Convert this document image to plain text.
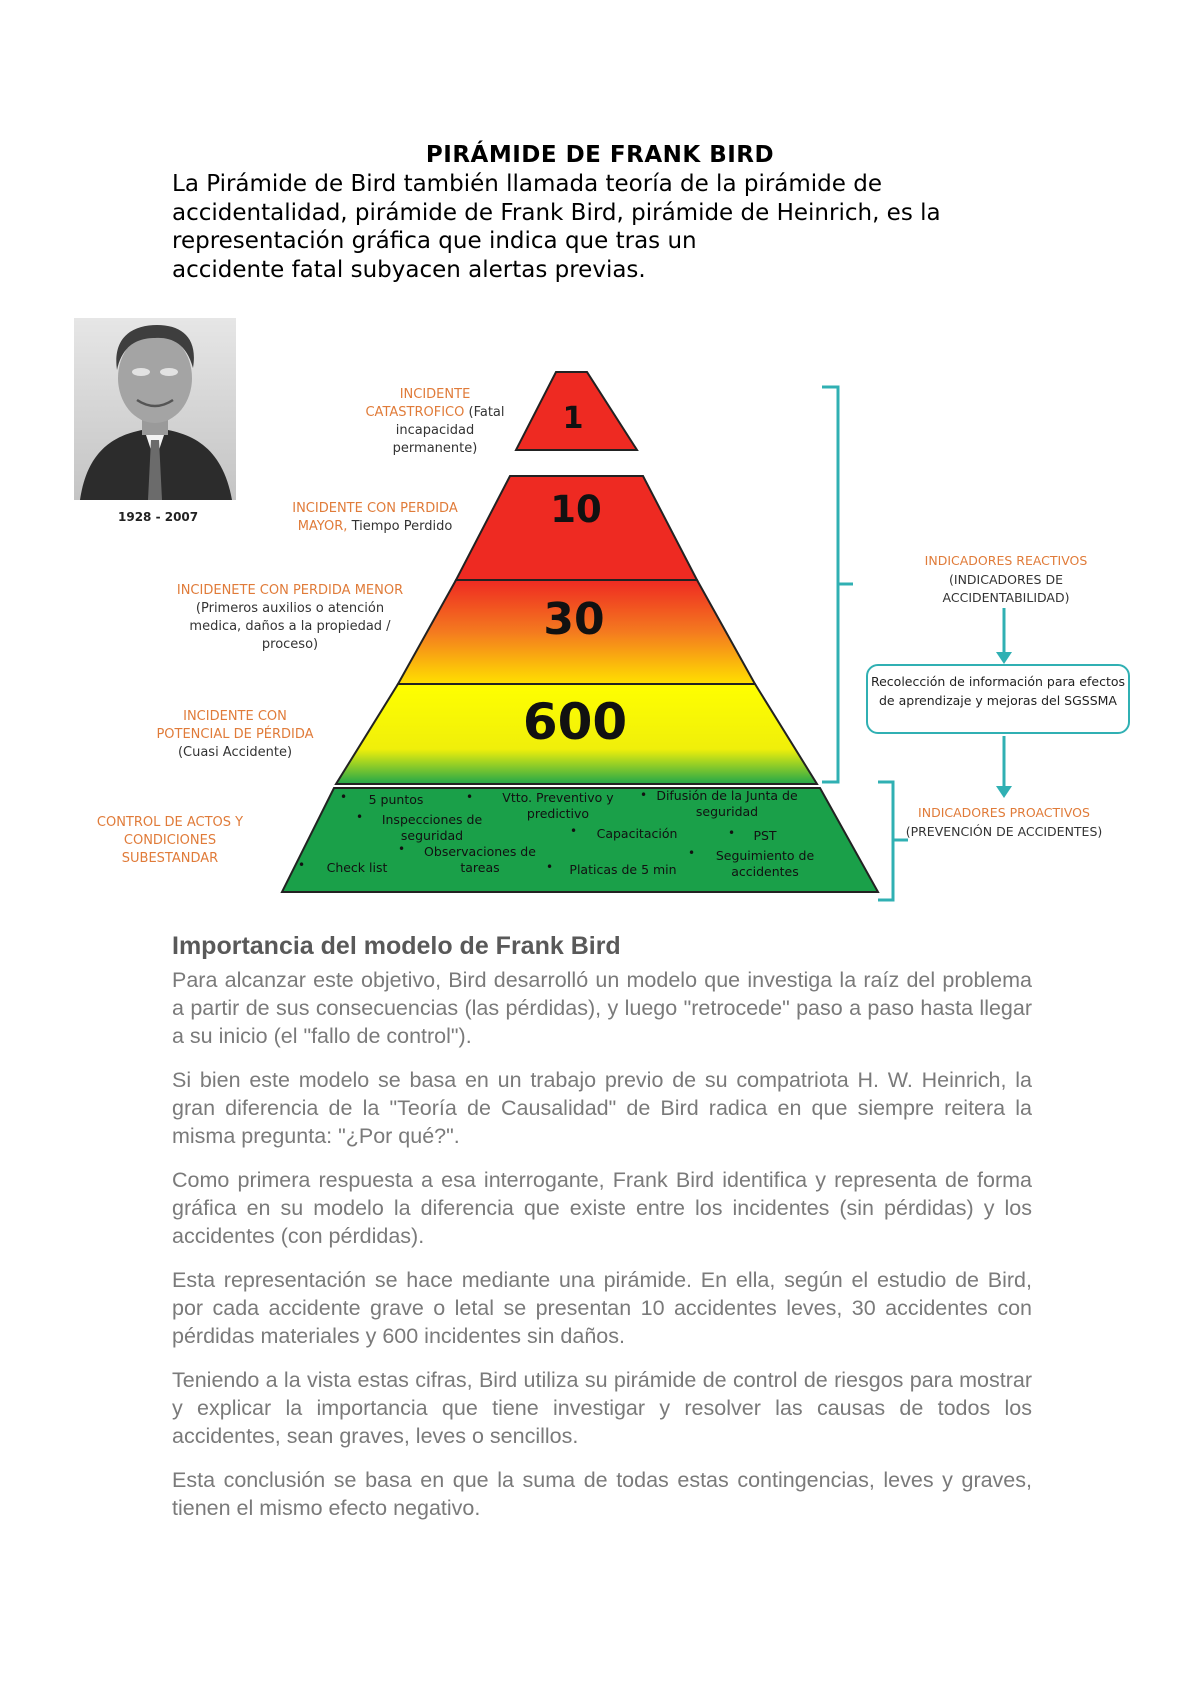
PIRÁMIDE DE FRANK BIRD
La Pirámide de Bird también llamada teoría de la pirámide de
accidentalidad, pirámide de Frank Bird, pirámide de Heinrich, es la
representación gráfica que indica que tras un
accidente fatal subyacen alertas previas.
1928 - 2007
1
10
30
600
INCIDENTE CATASTROFICO (Fatal incapacidad permanente)
INCIDENTE CON PERDIDA MAYOR, Tiempo Perdido
INCIDENETE CON PERDIDA MENOR
(Primeros auxilios o atención medica, daños a la propiedad / proceso)
INCIDENTE CON POTENCIAL DE PÉRDIDA
(Cuasi Accidente)
CONTROL DE ACTOS Y CONDICIONES SUBESTANDAR
•	5 puntos	•	Vtto. Preventivo y predictivo
• Difusión de la Junta de seguridad
•	Inspecciones de seguridad	•	Capacitación	•	PST
•	Observaciones de tareas
•	Check list	•	Platicas de 5 min
•	Seguimiento de accidentes
INDICADORES REACTIVOS
(INDICADORES DE ACCIDENTABILIDAD)
Recolección de información para efectos de aprendizaje y mejoras del SGSSMA
INDICADORES PROACTIVOS
(PREVENCIÓN DE ACCIDENTES)
Importancia del modelo de Frank Bird
Para alcanzar este objetivo, Bird desarrolló un modelo que investiga la raíz del problema a partir de sus consecuencias (las pérdidas), y luego "retrocede" paso a paso hasta llegar a su inicio (el "fallo de control").
Si bien este modelo se basa en un trabajo previo de su compatriota H. W. Heinrich, la gran diferencia de la "Teoría de Causalidad" de Bird radica en que siempre reitera la misma pregunta: "¿Por qué?".
Como primera respuesta a esa interrogante, Frank Bird identifica y representa de forma gráfica en su modelo la diferencia que existe entre los incidentes (sin pérdidas) y los accidentes (con pérdidas).
Esta representación se hace mediante una pirámide. En ella, según el estudio de Bird, por cada accidente grave o letal se presentan 10 accidentes leves, 30 accidentes con pérdidas materiales y 600 incidentes sin daños.
Teniendo a la vista estas cifras, Bird utiliza su pirámide de control de riesgos para mostrar y explicar la importancia que tiene investigar y resolver las causas de todos los accidentes, sean graves, leves o sencillos.
Esta conclusión se basa en que la suma de todas estas contingencias, leves y graves, tienen el mismo efecto negativo.
